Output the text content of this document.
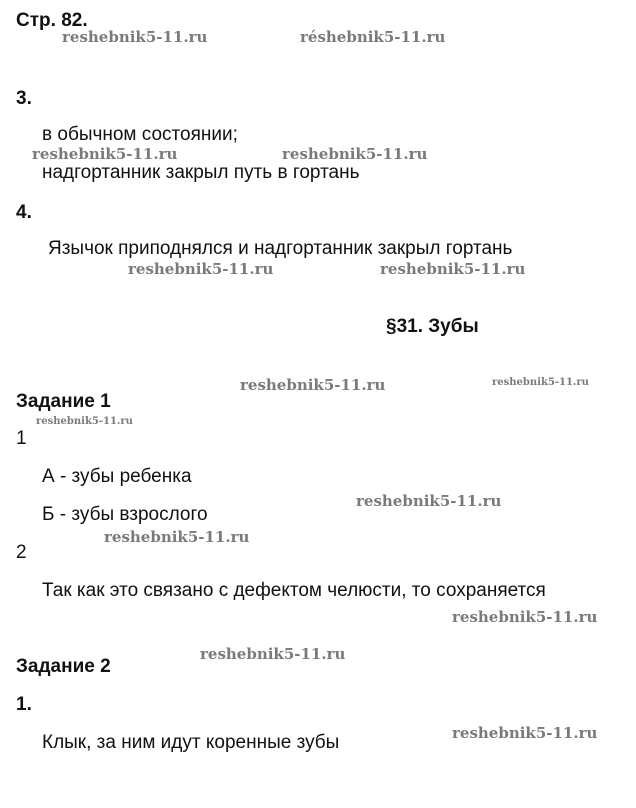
Стр. 82.
3.
в обычном состоянии;
надгортанник закрыл путь в гортань
4.
Язычок приподнялся и надгортанник закрыл гортань
§31. Зубы
Задание 1
1
А - зубы ребенка
Б - зубы взрослого
2
Так как это связано с дефектом челюсти, то сохраняется
Задание 2
1.
Клык, за ним идут коренные зубы
reshebnik5-11.ru	réshebnik5-11.ru
reshebnik5-11.ru	reshebnik5-11.ru
reshebnik5-11.ru	reshebnik5-11.ru
reshebnik5-11.ru	reshebnik5-11.ru
reshebnik5-11.ru
reshebnik5-11.ru
reshebnik5-11.ru
reshebnik5-11.ru
reshebnik5-11.ru
reshebnik5-11.ru
